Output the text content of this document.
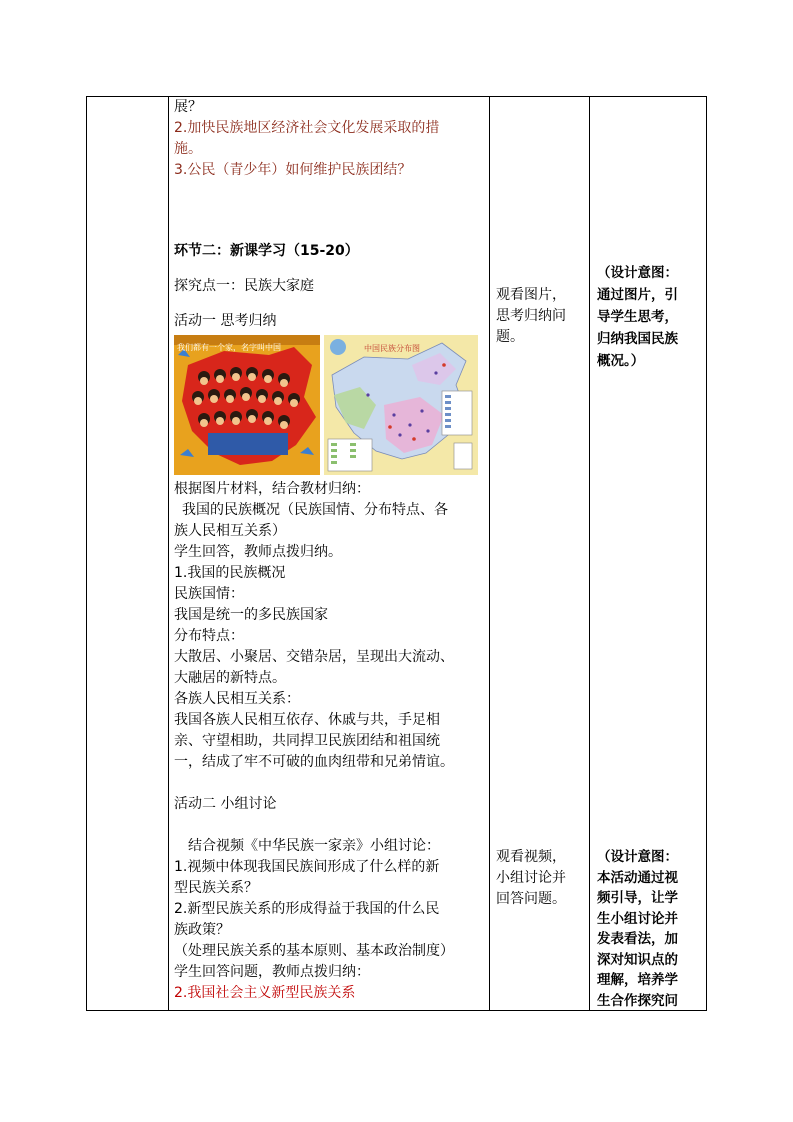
展？
2.加快民族地区经济社会文化发展采取的措
施。
3.公民（青少年）如何维护民族团结？
环节二：新课学习（15-20）
探究点一：民族大家庭
活动一 思考归纳
我们都有一个家，名字叫中国	中国民族分布图
根据图片材料，结合教材归纳：
我国的民族概况（民族国情、分布特点、各
族人民相互关系）
学生回答，教师点拨归纳。
1.我国的民族概况
民族国情：
我国是统一的多民族国家
分布特点：
大散居、小聚居、交错杂居，呈现出大流动、
大融居的新特点。
各族人民相互关系：
我国各族人民相互依存、休戚与共，手足相
亲、守望相助，共同捍卫民族团结和祖国统
一，结成了牢不可破的血肉纽带和兄弟情谊。
活动二 小组讨论
结合视频《中华民族一家亲》小组讨论：
1.视频中体现我国民族间形成了什么样的新
型民族关系？
2.新型民族关系的形成得益于我国的什么民
族政策？
（处理民族关系的基本原则、基本政治制度）
学生回答问题，教师点拨归纳：
2.我国社会主义新型民族关系
观看图片，
思考归纳问
题。
观看视频，
小组讨论并
回答问题。
（设计意图：
通过图片，引
导学生思考，
归纳我国民族
概况。）
（设计意图：
本活动通过视
频引导，让学
生小组讨论并
发表看法，加
深对知识点的
理解，培养学
生合作探究问
